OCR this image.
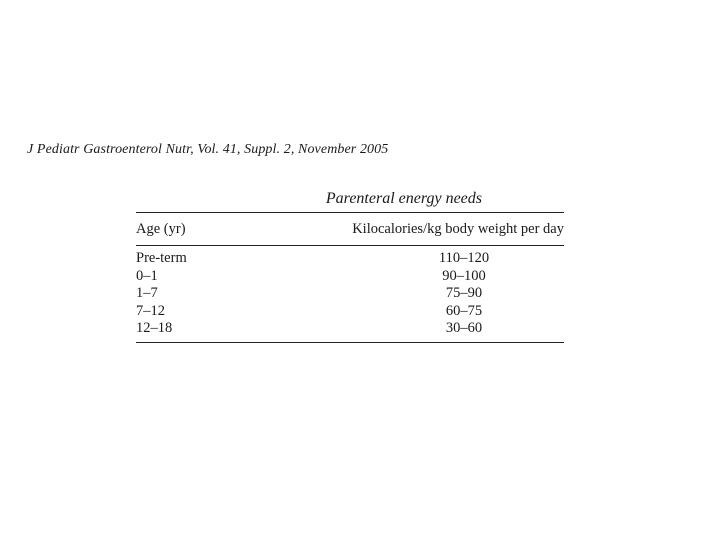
J Pediatr Gastroenterol Nutr, Vol. 41, Suppl. 2, November 2005
Parenteral energy needs
Age (yr)	Kilocalories/kg body weight per day
Pre-term	110–120
0–1	90–100
1–7	75–90
7–12	60–75
12–18	30–60
